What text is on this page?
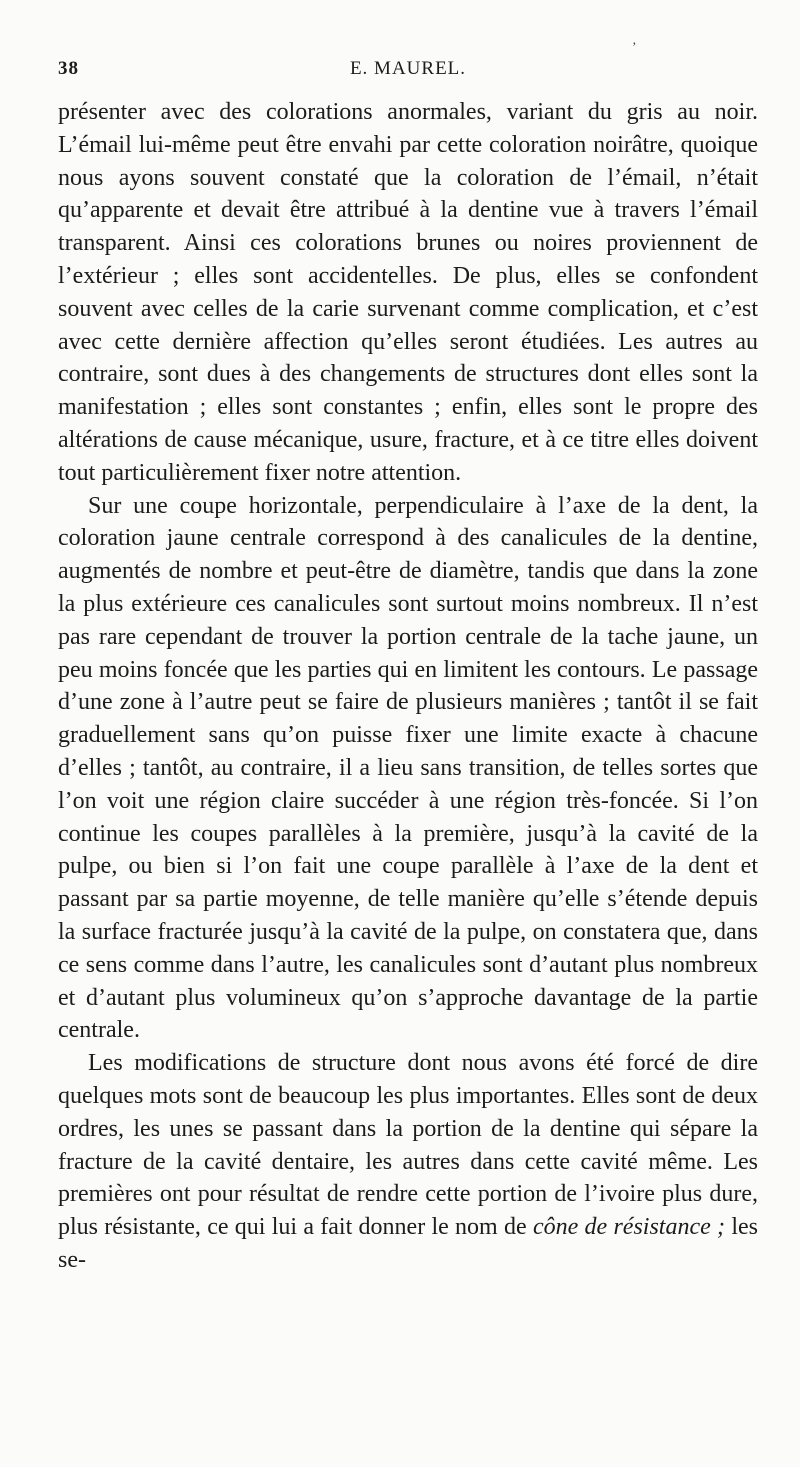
38	E. MAUREL.
,

présenter avec des colorations anormales, variant du gris au noir. L’émail lui-même peut être envahi par cette coloration noirâtre, quoique nous ayons souvent constaté que la coloration de l’émail, n’était qu’apparente et devait être attribué à la dentine vue à travers l’émail transparent. Ainsi ces colorations brunes ou noires proviennent de l’extérieur ; elles sont accidentelles. De plus, elles se confondent souvent avec celles de la carie survenant comme complication, et c’est avec cette dernière affection qu’elles seront étudiées. Les autres au contraire, sont dues à des changements de structures dont elles sont la manifestation ; elles sont constantes ; enfin, elles sont le propre des altérations de cause mécanique, usure, fracture, et à ce titre elles doivent tout particulièrement fixer notre attention.

Sur une coupe horizontale, perpendiculaire à l’axe de la dent, la coloration jaune centrale correspond à des canalicules de la dentine, augmentés de nombre et peut-être de diamètre, tandis que dans la zone la plus extérieure ces canalicules sont surtout moins nombreux. Il n’est pas rare cependant de trouver la portion centrale de la tache jaune, un peu moins foncée que les parties qui en limitent les contours. Le passage d’une zone à l’autre peut se faire de plusieurs manières ; tantôt il se fait graduellement sans qu’on puisse fixer une limite exacte à chacune d’elles ; tantôt, au contraire, il a lieu sans transition, de telles sortes que l’on voit une région claire succéder à une région très-foncée. Si l’on continue les coupes parallèles à la première, jusqu’à la cavité de la pulpe, ou bien si l’on fait une coupe parallèle à l’axe de la dent et passant par sa partie moyenne, de telle manière qu’elle s’étende depuis la surface fracturée jusqu’à la cavité de la pulpe, on constatera que, dans ce sens comme dans l’autre, les canalicules sont d’autant plus nombreux et d’autant plus volumineux qu’on s’approche davantage de la partie centrale.

Les modifications de structure dont nous avons été forcé de dire quelques mots sont de beaucoup les plus importantes. Elles sont de deux ordres, les unes se passant dans la portion de la dentine qui sépare la fracture de la cavité dentaire, les autres dans cette cavité même. Les premières ont pour résultat de rendre cette portion de l’ivoire plus dure, plus résistante, ce qui lui a fait donner le nom de cône de résistance ; les se-
